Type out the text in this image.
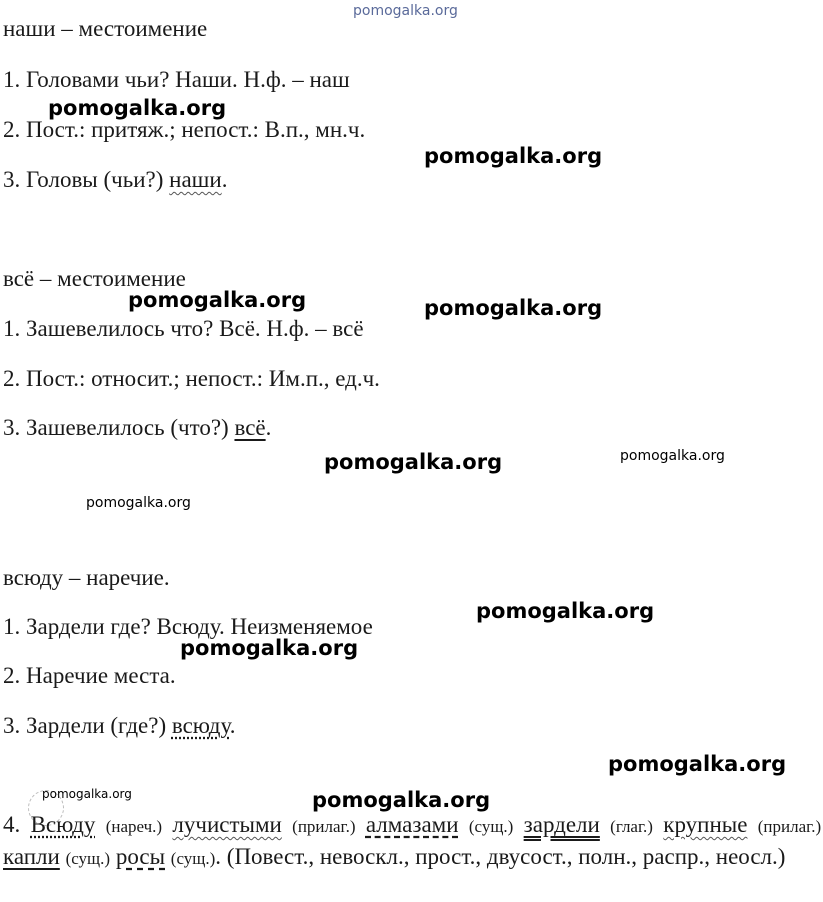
pomogalka.org
наши – местоимение
1. Головами чьи? Наши. Н.ф. – наш
2. Пост.: притяж.; непост.: В.п., мн.ч.
3. Головы (чьи?) наши.
всё – местоимение
1. Зашевелилось что? Всё. Н.ф. – всё
2. Пост.: относит.; непост.: Им.п., ед.ч.
3. Зашевелилось (что?) всё.
всюду – наречие.
1. Зардели где? Всюду. Неизменяемое
2. Наречие места.
3. Зардели (где?) всюду.
4. Всюду (нареч.) лучистыми (прилаг.) алмазами (сущ.) зардели (глаг.) крупные (прилаг.) капли (сущ.) росы (сущ.). (Повест., невоскл., прост., двусост., полн., распр., неосл.)
pomogalka.org
pomogalka.org
pomogalka.org	pomogalka.org
pomogalka.org	pomogalka.org
pomogalka.org
pomogalka.org
pomogalka.org
pomogalka.org
pomogalka.org
pomogalka.org
